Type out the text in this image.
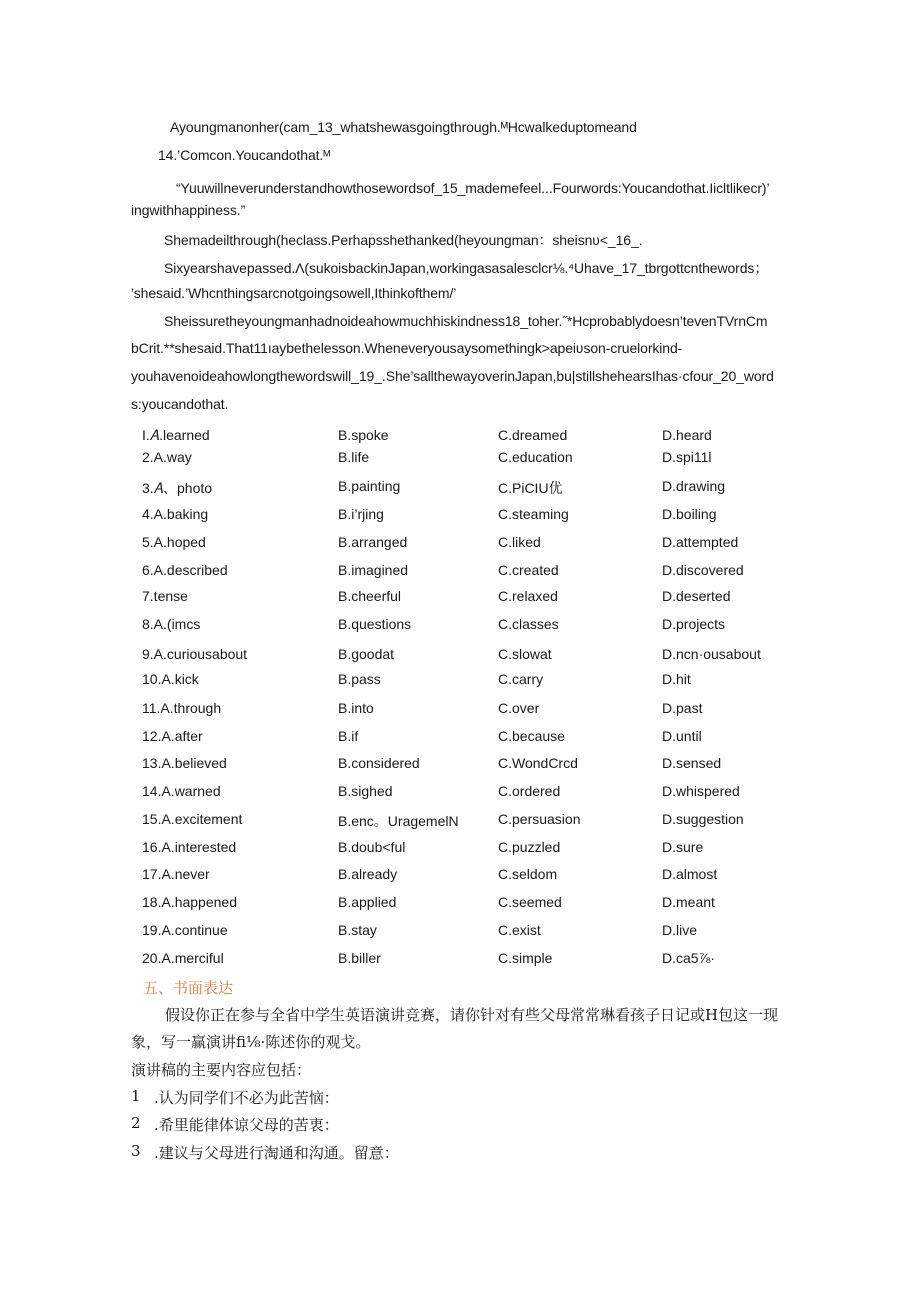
Ayoungmanonher(cam_13_whatshewasgoingthrough.ᴹHcwalkeduptomeand
14.’Comcon.Youcandothat.ᴹ
“Yuuwillneverunderstandhowthosewordsof_15_mademefeel...Fourwords:Youcandothat.Iicltlikecr)’
ingwithhappiness.”
Shemadeilthrough(heclass.Perhapsshethanked(heyoungman：sheisnʋ<_16_.
Sixyearshavepassed.Λ(sukoisbackinJapan,workingasasalesclcr⅛.⁴Uhave_17_tbrgottcnthewords；
’shesaid.’Whcnthingsarcnotgoingsowell,Ithinkofthem/’
Sheissuretheyoungmanhadnoideahowmuchhiskindness18_toher.˝*Hcprobablydoesn’tevenTVrnCm
bCrit.**shesaid.That11ıaybethelesson.Wheneveryousaysomethingk>apeiʋson-cruelorkind-
youhavenoideahowlongthewordswill_19_.She’sallthewayoverinJapan,bu|stillshehearsIhas·cfour_20_word
s:youcandothat.
I.𝐴.learned	B.spoke	C.dreamed	D.heard
2.A.way	B.life	C.education	D.spi11l
3.𝐴、photo	B.painting	C.PiCIU优	D.drawing
4.A.baking	B.i’rjing	C.steaming	D.boiling
5.A.hoped	B.arranged	C.liked	D.attempted
6.A.described	B.imagined	C.created	D.discovered
7.tense	B.cheerful	C.relaxed	D.deserted
8.A.(imcs	B.questions	C.classes	D.projects
9.A.curiousabout	B.goodat	C.slowat	D.ncn·ousabout
10.A.kick	B.pass	C.carry	D.hit
11.A.through	B.into	C.over	D.past
12.A.after	B.if	C.because	D.until
13.A.believed	B.considered	C.WondCrcd	D.sensed
14.A.warned	B.sighed	C.ordered	D.whispered
15.A.excitement	B.enc。UragemelN	C.persuasion	D.suggestion
16.A.interested	B.doub<ful	C.puzzled	D.sure
17.A.never	B.already	C.seldom	D.almost
18.A.happened	B.applied	C.seemed	D.meant
19.A.continue	B.stay	C.exist	D.live
20.A.merciful	B.biller	C.simple	D.ca5⅞·
五、书面表达
假设你正在参与全省中学生英语演讲竞赛，请你针对有些父母常常琳看孩子日记或H包这一现
象，写一赢演讲fi⅛·陈述你的观戈。
演讲稿的主要内容应包括：
1 .认为同学们不必为此苦恼：
2 .希里能律体谅父母的苦衷：
3 .建议与父母进行淘通和沟通。留意：
